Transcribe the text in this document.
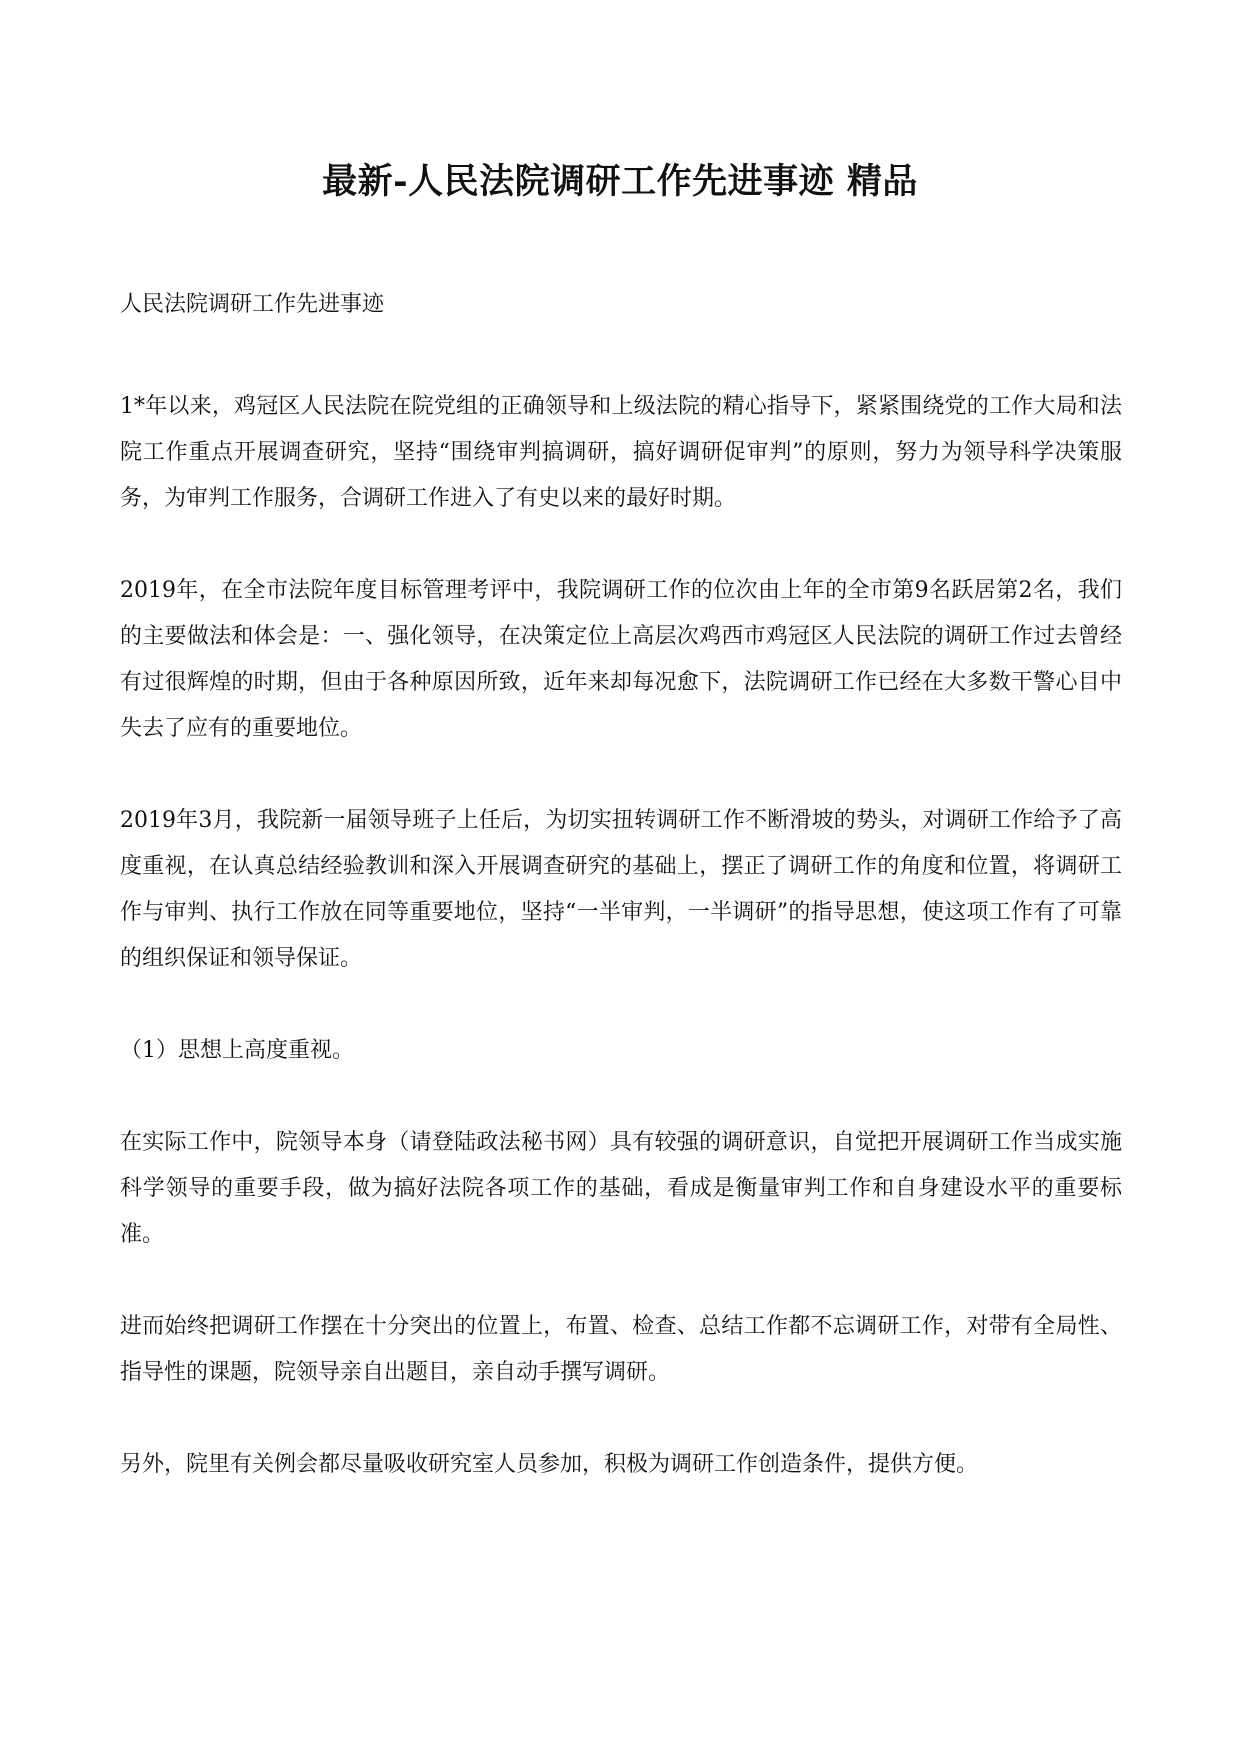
最新-人民法院调研工作先进事迹 精品

人民法院调研工作先进事迹

1*年以来，鸡冠区人民法院在院党组的正确领导和上级法院的精心指导下，紧紧围绕党的工作大局和法院工作重点开展调查研究，坚持“围绕审判搞调研，搞好调研促审判”的原则，努力为领导科学决策服务，为审判工作服务，合调研工作进入了有史以来的最好时期。

2019年，在全市法院年度目标管理考评中，我院调研工作的位次由上年的全市第9名跃居第2名，我们的主要做法和体会是：一、强化领导，在决策定位上高层次鸡西市鸡冠区人民法院的调研工作过去曾经有过很辉煌的时期，但由于各种原因所致，近年来却每况愈下，法院调研工作已经在大多数干警心目中失去了应有的重要地位。

2019年3月，我院新一届领导班子上任后，为切实扭转调研工作不断滑坡的势头，对调研工作给予了高度重视，在认真总结经验教训和深入开展调查研究的基础上，摆正了调研工作的角度和位置，将调研工作与审判、执行工作放在同等重要地位，坚持“一半审判，一半调研”的指导思想，使这项工作有了可靠的组织保证和领导保证。

（1）思想上高度重视。

在实际工作中，院领导本身（请登陆政法秘书网）具有较强的调研意识，自觉把开展调研工作当成实施科学领导的重要手段，做为搞好法院各项工作的基础，看成是衡量审判工作和自身建设水平的重要标准。

进而始终把调研工作摆在十分突出的位置上，布置、检查、总结工作都不忘调研工作，对带有全局性、指导性的课题，院领导亲自出题目，亲自动手撰写调研。

另外，院里有关例会都尽量吸收研究室人员参加，积极为调研工作创造条件，提供方便。
